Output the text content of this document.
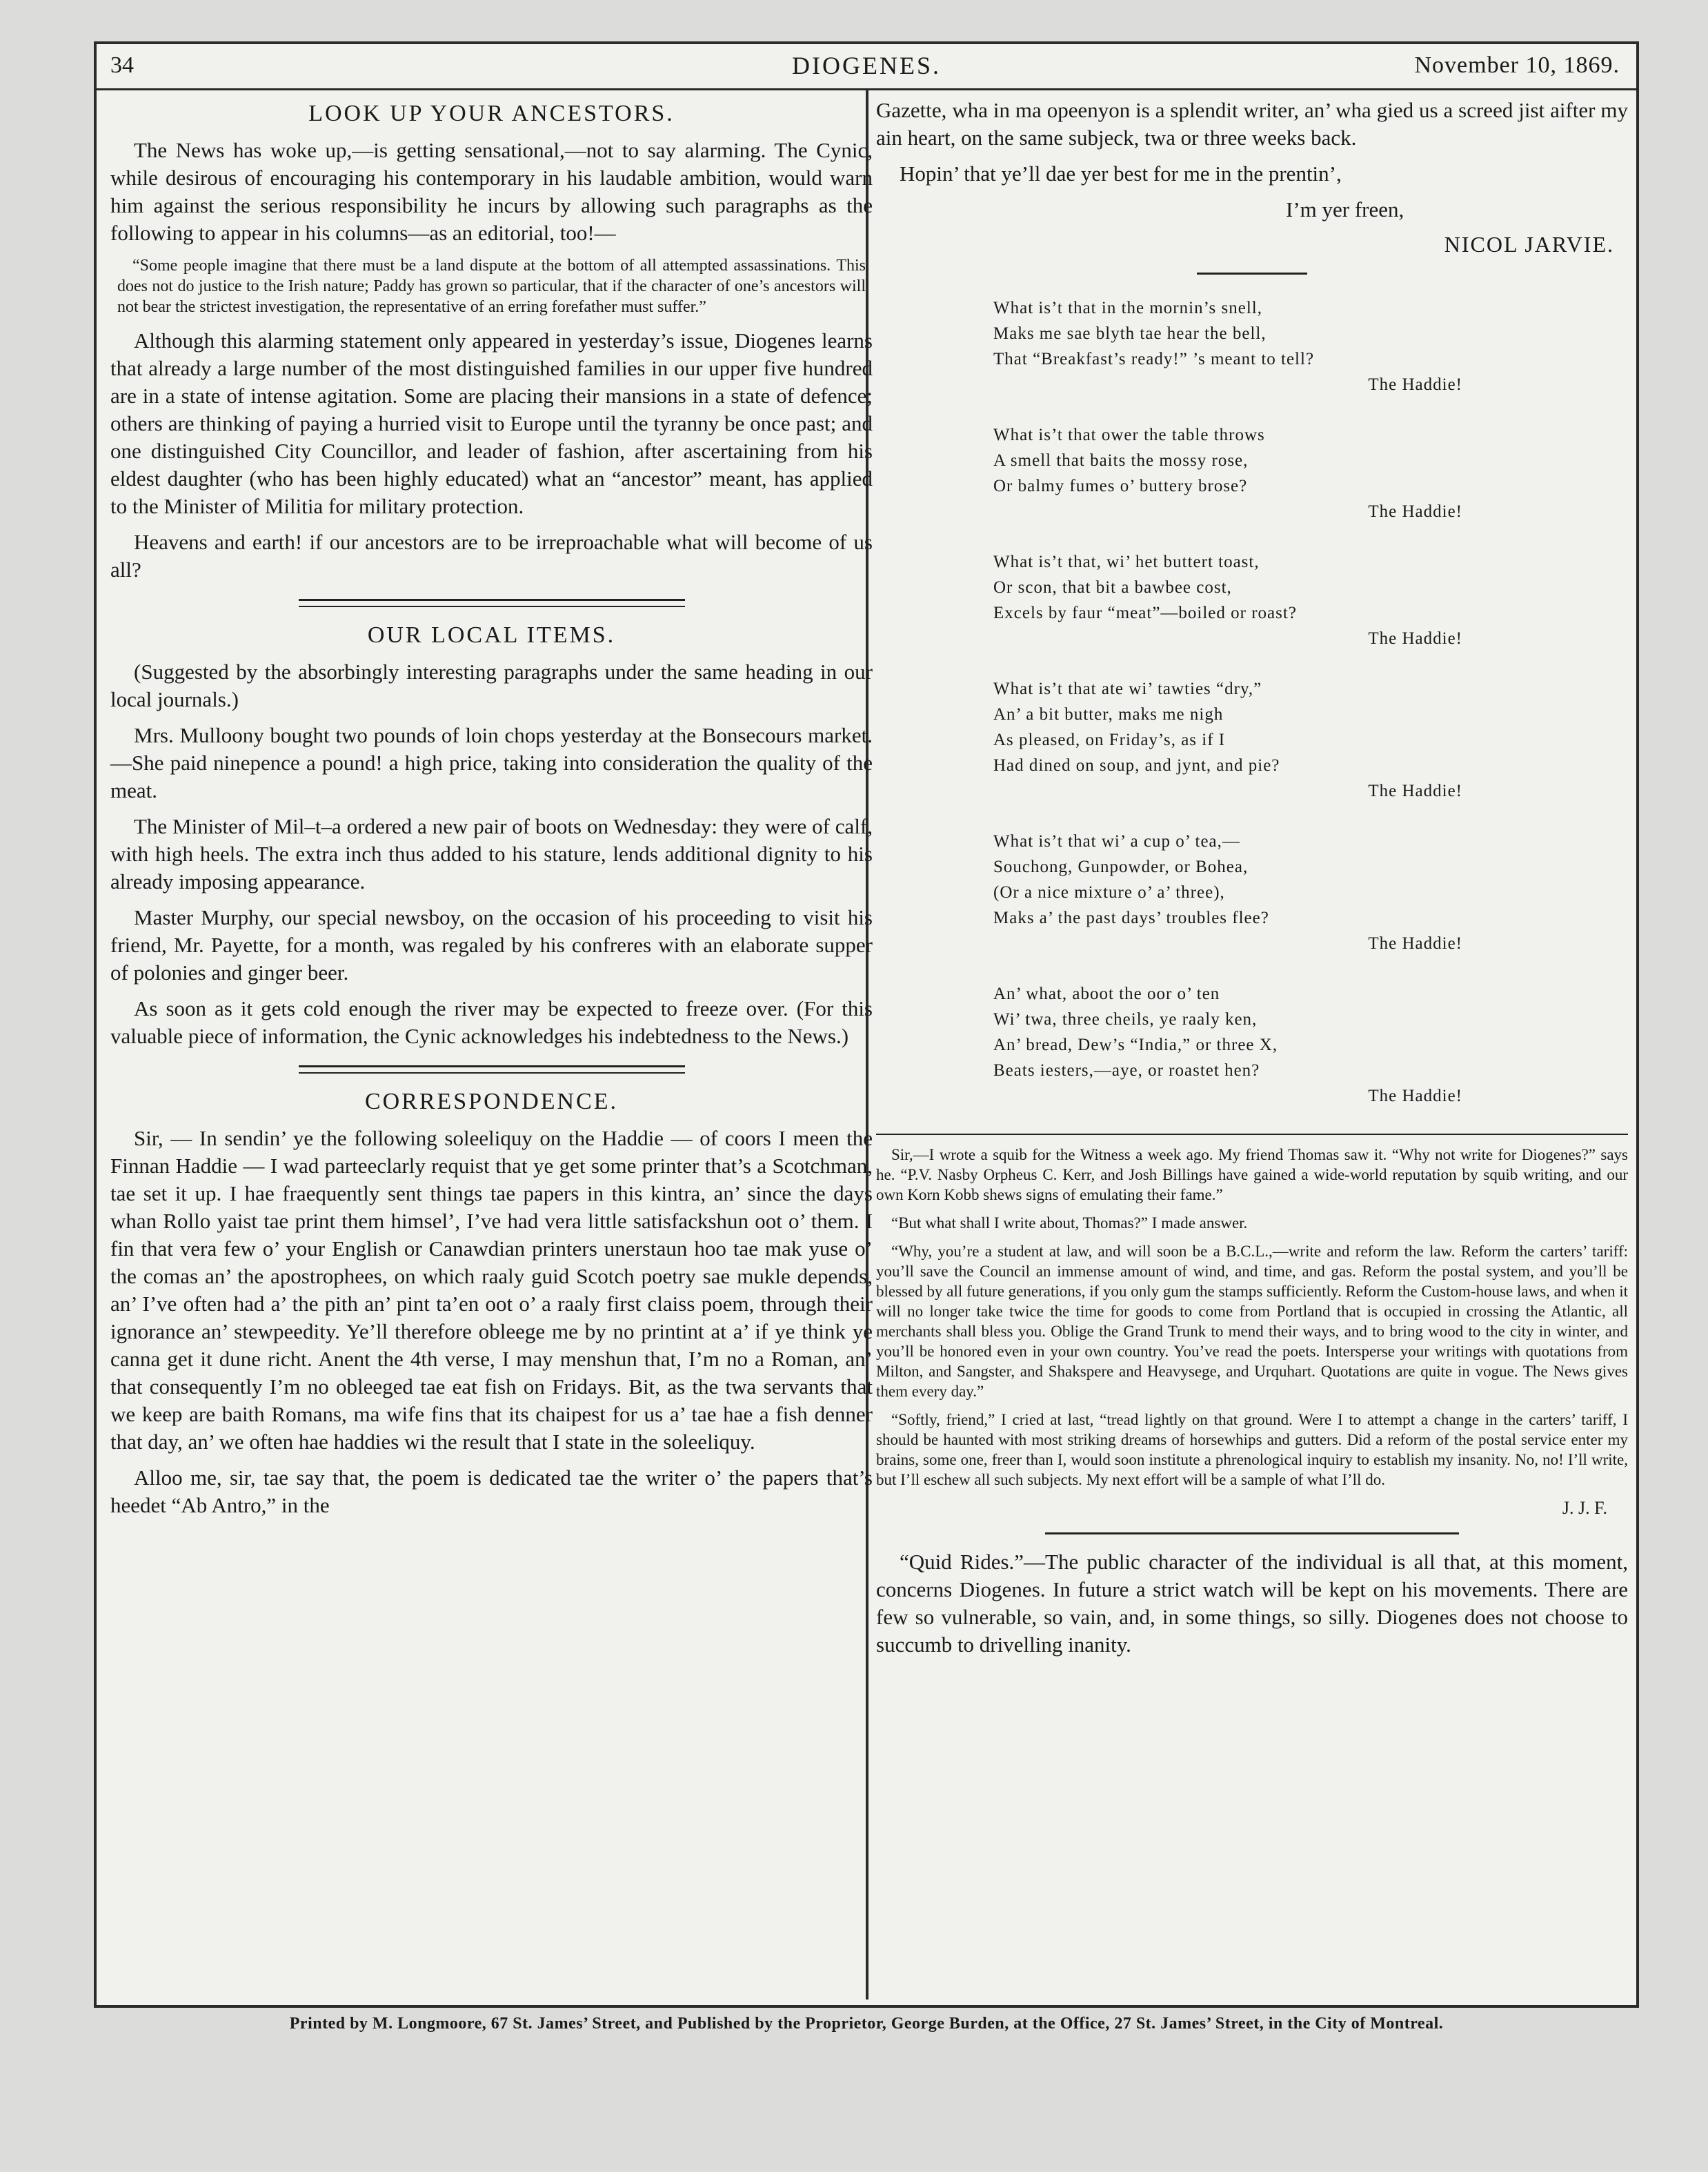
34	DIOGENES.	November 10, 1869.
LOOK UP YOUR ANCESTORS.

The News has woke up,—is getting sensational,—not to say alarming. The Cynic, while desirous of encouraging his contemporary in his laudable ambition, would warn him against the serious responsibility he incurs by allowing such paragraphs as the following to appear in his columns—as an editorial, too!—

“Some people imagine that there must be a land dispute at the bottom of all attempted assassinations. This does not do justice to the Irish nature; Paddy has grown so particular, that if the character of one’s ancestors will not bear the strictest investigation, the representative of an erring forefather must suffer.”

Although this alarming statement only appeared in yesterday’s issue, Diogenes learns that already a large number of the most distinguished families in our upper five hundred are in a state of intense agitation. Some are placing their mansions in a state of defence; others are thinking of paying a hurried visit to Europe until the tyranny be once past; and one distinguished City Councillor, and leader of fashion, after ascertaining from his eldest daughter (who has been highly educated) what an “ancestor” meant, has applied to the Minister of Militia for military protection.

Heavens and earth! if our ancestors are to be irreproachable what will become of us all?

OUR LOCAL ITEMS.

(Suggested by the absorbingly interesting paragraphs under the same heading in our local journals.)

Mrs. Mulloony bought two pounds of loin chops yesterday at the Bonsecours market.—She paid ninepence a pound! a high price, taking into consideration the quality of the meat.

The Minister of Mil–t–a ordered a new pair of boots on Wednesday: they were of calf, with high heels. The extra inch thus added to his stature, lends additional dignity to his already imposing appearance.

Master Murphy, our special newsboy, on the occasion of his proceeding to visit his friend, Mr. Payette, for a month, was regaled by his confreres with an elaborate supper of polonies and ginger beer.

As soon as it gets cold enough the river may be expected to freeze over. (For this valuable piece of information, the Cynic acknowledges his indebtedness to the News.)

CORRESPONDENCE.

Sir, — In sendin’ ye the following soleeliquy on the Haddie — of coors I meen the Finnan Haddie — I wad parteeclarly requist that ye get some printer that’s a Scotchman, tae set it up. I hae fraequently sent things tae papers in this kintra, an’ since the days whan Rollo yaist tae print them himsel’, I’ve had vera little satisfackshun oot o’ them. I fin that vera few o’ your English or Canawdian printers unerstaun hoo tae mak yuse o’ the comas an’ the apostrophees, on which raaly guid Scotch poetry sae mukle depends, an’ I’ve often had a’ the pith an’ pint ta’en oot o’ a raaly first claiss poem, through their ignorance an’ stewpeedity. Ye’ll therefore obleege me by no printint at a’ if ye think ye canna get it dune richt. Anent the 4th verse, I may menshun that, I’m no a Roman, an’ that consequently I’m no obleeged tae eat fish on Fridays. Bit, as the twa servants that we keep are baith Romans, ma wife fins that its chaipest for us a’ tae hae a fish denner that day, an’ we often hae haddies wi the result that I state in the soleeliquy.

Alloo me, sir, tae say that, the poem is dedicated tae the writer o’ the papers that’s heedet “Ab Antro,” in the

Gazette, wha in ma opeenyon is a splendit writer, an’ wha gied us a screed jist aifter my ain heart, on the same subjeck, twa or three weeks back.

Hopin’ that ye’ll dae yer best for me in the prentin’,

I’m yer freen,

NICOL JARVIE.
What is’t that in the mornin’s snell,
Maks me sae blyth tae hear the bell,
That “Breakfast’s ready!” ’s meant to tell?
The Haddie!
What is’t that ower the table throws
A smell that baits the mossy rose,
Or balmy fumes o’ buttery brose?
The Haddie!
What is’t that, wi’ het buttert toast,
Or scon, that bit a bawbee cost,
Excels by faur “meat”—boiled or roast?
The Haddie!
What is’t that ate wi’ tawties “dry,”
An’ a bit butter, maks me nigh
As pleased, on Friday’s, as if I
Had dined on soup, and jynt, and pie?
The Haddie!
What is’t that wi’ a cup o’ tea,—
Souchong, Gunpowder, or Bohea,
(Or a nice mixture o’ a’ three),
Maks a’ the past days’ troubles flee?
The Haddie!
An’ what, aboot the oor o’ ten
Wi’ twa, three cheils, ye raaly ken,
An’ bread, Dew’s “India,” or three X,
Beats iesters,—aye, or roastet hen?
The Haddie!

Sir,—I wrote a squib for the Witness a week ago. My friend Thomas saw it. “Why not write for Diogenes?” says he. “P.V. Nasby Orpheus C. Kerr, and Josh Billings have gained a wide-world reputation by squib writing, and our own Korn Kobb shews signs of emulating their fame.”

“But what shall I write about, Thomas?” I made answer.

“Why, you’re a student at law, and will soon be a B.C.L.,—write and reform the law. Reform the carters’ tariff: you’ll save the Council an immense amount of wind, and time, and gas. Reform the postal system, and you’ll be blessed by all future generations, if you only gum the stamps sufficiently. Reform the Custom-house laws, and when it will no longer take twice the time for goods to come from Portland that is occupied in crossing the Atlantic, all merchants shall bless you. Oblige the Grand Trunk to mend their ways, and to bring wood to the city in winter, and you’ll be honored even in your own country. You’ve read the poets. Intersperse your writings with quotations from Milton, and Sangster, and Shakspere and Heavysege, and Urquhart. Quotations are quite in vogue. The News gives them every day.”

“Softly, friend,” I cried at last, “tread lightly on that ground. Were I to attempt a change in the carters’ tariff, I should be haunted with most striking dreams of horsewhips and gutters. Did a reform of the postal service enter my brains, some one, freer than I, would soon institute a phrenological inquiry to establish my insanity. No, no! I’ll write, but I’ll eschew all such subjects. My next effort will be a sample of what I’ll do.

J. J. F.

“Quid Rides.”—The public character of the individual is all that, at this moment, concerns Diogenes. In future a strict watch will be kept on his movements. There are few so vulnerable, so vain, and, in some things, so silly. Diogenes does not choose to succumb to drivelling inanity.

Printed by M. Longmoore, 67 St. James’ Street, and Published by the Proprietor, George Burden, at the Office, 27 St. James’ Street, in the City of Montreal.
